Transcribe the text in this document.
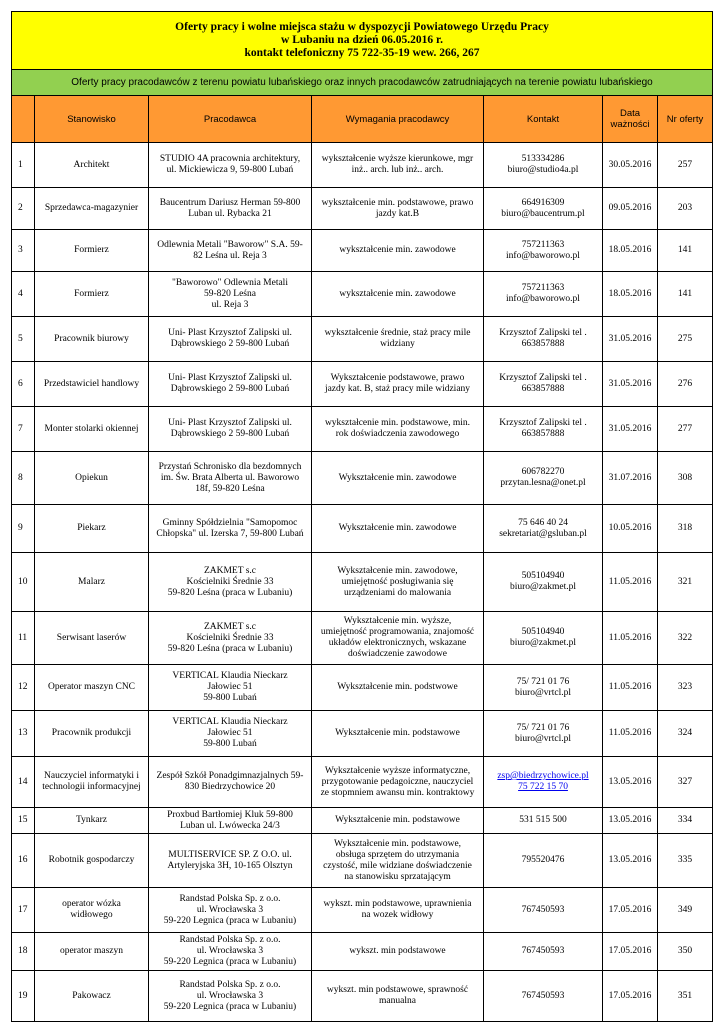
Oferty pracy i wolne miejsca stażu w dyspozycji Powiatowego Urzędu Pracy
w Lubaniu na dzień 06.05.2016 r.
kontakt telefoniczny 75 722-35-19 wew. 266, 267						

Oferty pracy pracodawców z terenu powiatu lubańskiego oraz innych pracodawców zatrudniających na terenie powiatu lubańskiego						
	Stanowisko	Pracodawca	Wymagania pracodawcy	Kontakt	Data ważności	Nr oferty

1	Architekt	STUDIO 4A pracownia architektury,
ul. Mickiewicza 9, 59-800 Lubań	wykształcenie wyższe kierunkowe, mgr
inż.. arch. lub inż.. arch.	513334286
biuro@studio4a.pl	30.05.2016	257

2	Sprzedawca-magazynier	Baucentrum Dariusz Herman 59-800
Luban ul. Rybacka 21	wykształcenie min. podstawowe, prawo
jazdy kat.B	664916309
biuro@baucentrum.pl	09.05.2016	203

3	Formierz	Odlewnia Metali "Baworow" S.A. 59-
82 Leśna ul. Reja 3	wykształcenie min. zawodowe	757211363
info@baworowo.pl	18.05.2016	141

4	Formierz	"Baworowo" Odlewnia Metali
59-820 Leśna
ul. Reja 3	wykształcenie min. zawodowe	757211363
info@baworowo.pl	18.05.2016	141

5	Pracownik biurowy	Uni- Plast Krzysztof Zalipski ul.
Dąbrowskiego 2 59-800 Lubań	wykształcenie średnie, staż pracy mile
widziany	Krzysztof Zalipski tel .
663857888	31.05.2016	275

6	Przedstawiciel handlowy	Uni- Plast Krzysztof Zalipski ul.
Dąbrowskiego 2 59-800 Lubań	Wykształcenie podstawowe, prawo
jazdy kat. B, staż pracy mile widziany	Krzysztof Zalipski tel .
663857888	31.05.2016	276

7	Monter stolarki okiennej	Uni- Plast Krzysztof Zalipski ul.
Dąbrowskiego 2 59-800 Lubań	wykształcenie min. podstawowe, min.
rok doświadczenia zawodowego	Krzysztof Zalipski tel .
663857888	31.05.2016	277

8	Opiekun	Przystań Schronisko dla bezdomnych
im. Św. Brata Alberta ul. Baworowo
18f, 59-820 Leśna	Wykształcenie min. zawodowe	606782270
przytan.lesna@onet.pl	31.07.2016	308

9	Piekarz	Gminny Spółdzielnia "Samopomoc
Chłopska" ul. Izerska 7, 59-800 Lubań	Wykształcenie min. zawodowe	75 646 40 24
sekretariat@gsluban.pl	10.05.2016	318

10	Malarz	ZAKMET s.c
Kościelniki Średnie 33
59-820 Leśna (praca w Lubaniu)	Wykształcenie min. zawodowe,
umiejętność posługiwania się
urządzeniami do malowania	505104940
biuro@zakmet.pl	11.05.2016	321

11	Serwisant laserów	ZAKMET s.c
Kościelniki Średnie 33
59-820 Leśna (praca w Lubaniu)	Wykształcenie min. wyższe,
umiejętność programowania, znajomość
układów elektronicznych, wskazane
doświadczenie zawodowe	505104940
biuro@zakmet.pl	11.05.2016	322

12	Operator maszyn CNC	VERTICAL Klaudia Nieckarz
Jałowiec 51
59-800 Lubań	Wykształcenie min. podstwowe	75/ 721 01 76
biuro@vrtcl.pl	11.05.2016	323

13	Pracownik produkcji	VERTICAL Klaudia Nieckarz
Jałowiec 51
59-800 Lubań	Wykształcenie min. podstawowe	75/ 721 01 76
biuro@vrtcl.pl	11.05.2016	324

14	Nauczyciel informatyki i
technologii informacyjnej	Zespół Szkół Ponadgimnazjalnych 59-
830 Biedrzychowice 20	Wykształcenie wyższe informatyczne,
przygotowanie pedagoiczne, nauczyciel
ze stopmniem awansu min. kontraktowy	zsp@biedrzychowice.pl
75 722 15 70	13.05.2016	327

15	Tynkarz	Proxbud Bartłomiej Kluk 59-800
Luban ul. Lwówecka 24/3	Wykształcenie min. podstawowe	531 515 500	13.05.2016	334

16	Robotnik gospodarczy	MULTISERVICE SP. Z O.O. ul.
Artyleryjska 3H, 10-165 Olsztyn	Wykształcenie min. podstawowe,
obsługa sprzętem do utrzymania
czystość, mile widziane doświadczenie
na stanowisku sprzatającym	795520476	13.05.2016	335

17	operator wózka
widłowego	Randstad Polska Sp. z o.o.
ul. Wrocławska 3
59-220 Legnica (praca w Lubaniu)	wykszt. min podstawowe, uprawnienia
na wozek widłowy	767450593	17.05.2016	349

18	operator maszyn	Randstad Polska Sp. z o.o.
ul. Wrocławska 3
59-220 Legnica (praca w Lubaniu)	wykszt. min podstawowe	767450593	17.05.2016	350

19	Pakowacz	Randstad Polska Sp. z o.o.
ul. Wrocławska 3
59-220 Legnica (praca w Lubaniu)	wykszt. min podstawowe, sprawność
manualna	767450593	17.05.2016	351
